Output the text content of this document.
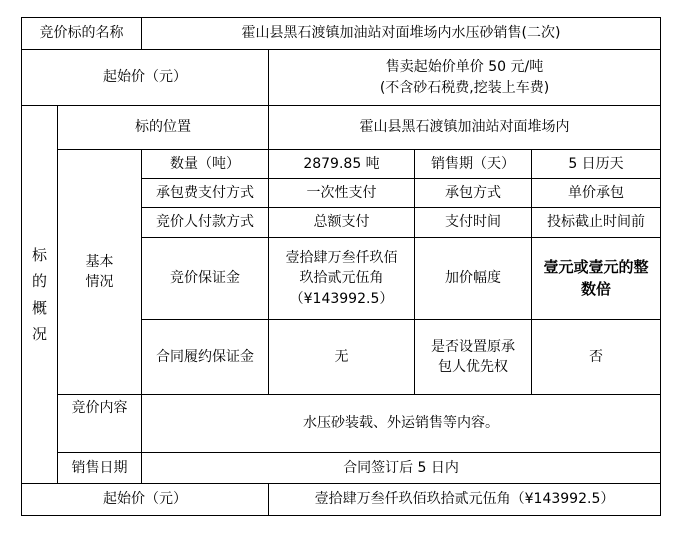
竞价标的名称		霍山县黑石渡镇加油站对面堆场内水压砂销售(二次)			
起始价（元）			售卖起始价单价 50 元/吨
(不含砂石税费,挖装上车费)		

标
的
概
况	标的位置		霍山县黑石渡镇加油站对面堆场内		
	基本
情况	数量（吨）	2879.85 吨	销售期（天）	5 日历天
		承包费支付方式	一次性支付	承包方式	单价承包
		竞价人付款方式	总额支付	支付时间	投标截止时间前
		竞价保证金	壹拾肆万叁仟玖佰
玖拾贰元伍角
（¥143992.5）	加价幅度	壹元或壹元的整
数倍
		合同履约保证金	无	是否设置原承
包人优先权	否

	竞价内容	水压砂装载、外运销售等内容。			
	销售日期	合同签订后 5 日内			
起始价（元）			壹拾肆万叁仟玖佰玖拾贰元伍角（¥143992.5）		
